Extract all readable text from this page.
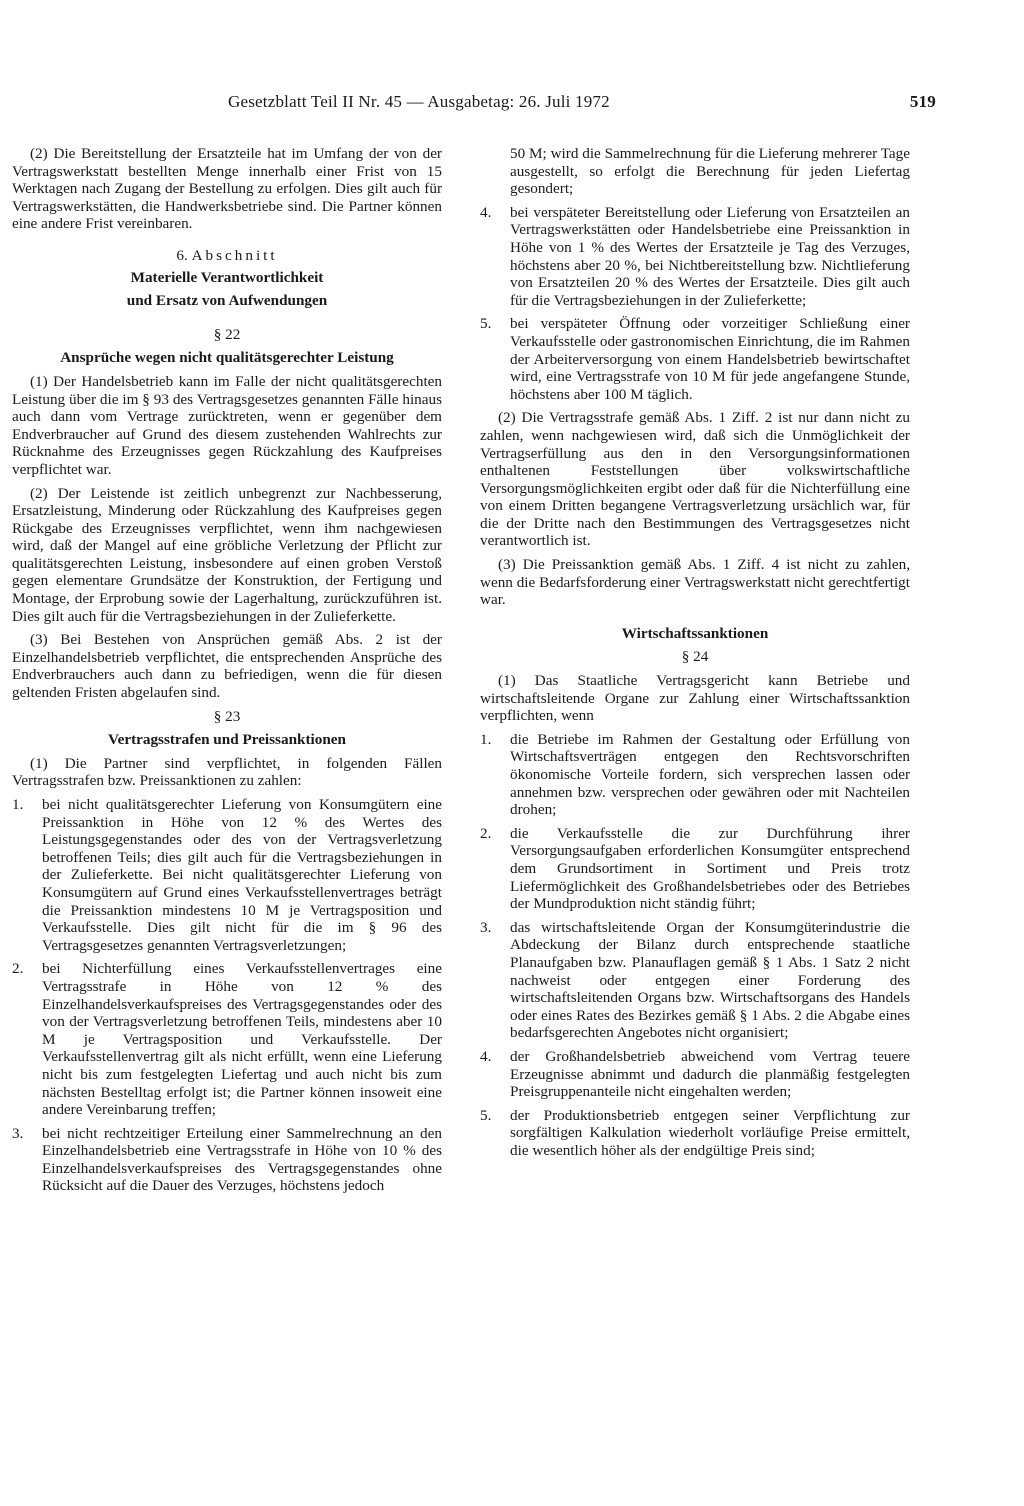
Gesetzblatt Teil II Nr. 45 — Ausgabetag: 26. Juli 1972	519

(2) Die Bereitstellung der Ersatzteile hat im Umfang der von der Vertragswerkstatt bestellten Menge innerhalb einer Frist von 15 Werktagen nach Zugang der Bestellung zu erfolgen. Dies gilt auch für Vertragswerkstätten, die Handwerksbetriebe sind. Die Partner können eine andere Frist vereinbaren.

6. Abschnitt

Materielle Verantwortlichkeit

und Ersatz von Aufwendungen

§ 22

Ansprüche wegen nicht qualitätsgerechter Leistung

(1) Der Handelsbetrieb kann im Falle der nicht qualitätsgerechten Leistung über die im § 93 des Vertragsgesetzes genannten Fälle hinaus auch dann vom Vertrage zurücktreten, wenn er gegenüber dem Endverbraucher auf Grund des diesem zustehenden Wahlrechts zur Rücknahme des Erzeugnisses gegen Rückzahlung des Kaufpreises verpflichtet war.

(2) Der Leistende ist zeitlich unbegrenzt zur Nachbesserung, Ersatzleistung, Minderung oder Rückzahlung des Kaufpreises gegen Rückgabe des Erzeugnisses verpflichtet, wenn ihm nachgewiesen wird, daß der Mangel auf eine gröbliche Verletzung der Pflicht zur qualitätsgerechten Leistung, insbesondere auf einen groben Verstoß gegen elementare Grundsätze der Konstruktion, der Fertigung und Montage, der Erprobung sowie der Lagerhaltung, zurückzuführen ist. Dies gilt auch für die Vertragsbeziehungen in der Zulieferkette.

(3) Bei Bestehen von Ansprüchen gemäß Abs. 2 ist der Einzelhandelsbetrieb verpflichtet, die entsprechenden Ansprüche des Endverbrauchers auch dann zu befriedigen, wenn die für diesen geltenden Fristen abgelaufen sind.

§ 23

Vertragsstrafen und Preissanktionen

(1) Die Partner sind verpflichtet, in folgenden Fällen Vertragsstrafen bzw. Preissanktionen zu zahlen:

1.	bei nicht qualitätsgerechter Lieferung von Konsumgütern eine Preissanktion in Höhe von 12 % des Wertes des Leistungsgegenstandes oder des von der Vertragsverletzung betroffenen Teils; dies gilt auch für die Vertragsbeziehungen in der Zulieferkette. Bei nicht qualitätsgerechter Lieferung von Konsumgütern auf Grund eines Verkaufsstellenvertrages beträgt die Preissanktion mindestens 10 M je Vertragsposition und Verkaufsstelle. Dies gilt nicht für die im § 96 des Vertragsgesetzes genannten Vertragsverletzungen;
2.	bei Nichterfüllung eines Verkaufsstellenvertrages eine Vertragsstrafe in Höhe von 12 % des Einzelhandelsverkaufspreises des Vertragsgegenstandes oder des von der Vertragsverletzung betroffenen Teils, mindestens aber 10 M je Vertragsposition und Verkaufsstelle. Der Verkaufsstellenvertrag gilt als nicht erfüllt, wenn eine Lieferung nicht bis zum festgelegten Liefertag und auch nicht bis zum nächsten Bestelltag erfolgt ist; die Partner können insoweit eine andere Vereinbarung treffen;
3.	bei nicht rechtzeitiger Erteilung einer Sammelrechnung an den Einzelhandelsbetrieb eine Vertragsstrafe in Höhe von 10 % des Einzelhandelsverkaufspreises des Vertragsgegenstandes ohne Rücksicht auf die Dauer des Verzuges, höchstens jedoch

50 M; wird die Sammelrechnung für die Lieferung mehrerer Tage ausgestellt, so erfolgt die Berechnung für jeden Liefertag gesondert;

4.	bei verspäteter Bereitstellung oder Lieferung von Ersatzteilen an Vertragswerkstätten oder Handelsbetriebe eine Preissanktion in Höhe von 1 % des Wertes der Ersatzteile je Tag des Verzuges, höchstens aber 20 %, bei Nichtbereitstellung bzw. Nichtlieferung von Ersatzteilen 20 % des Wertes der Ersatzteile. Dies gilt auch für die Vertragsbeziehungen in der Zulieferkette;
5.	bei verspäteter Öffnung oder vorzeitiger Schließung einer Verkaufsstelle oder gastronomischen Einrichtung, die im Rahmen der Arbeiterversorgung von einem Handelsbetrieb bewirtschaftet wird, eine Vertragsstrafe von 10 M für jede angefangene Stunde, höchstens aber 100 M täglich.

(2) Die Vertragsstrafe gemäß Abs. 1 Ziff. 2 ist nur dann nicht zu zahlen, wenn nachgewiesen wird, daß sich die Unmöglichkeit der Vertragserfüllung aus den in den Versorgungsinformationen enthaltenen Feststellungen über volkswirtschaftliche Versorgungsmöglichkeiten ergibt oder daß für die Nichterfüllung eine von einem Dritten begangene Vertragsverletzung ursächlich war, für die der Dritte nach den Bestimmungen des Vertragsgesetzes nicht verantwortlich ist.

(3) Die Preissanktion gemäß Abs. 1 Ziff. 4 ist nicht zu zahlen, wenn die Bedarfsforderung einer Vertragswerkstatt nicht gerechtfertigt war.

Wirtschaftssanktionen

§ 24

(1) Das Staatliche Vertragsgericht kann Betriebe und wirtschaftsleitende Organe zur Zahlung einer Wirtschaftssanktion verpflichten, wenn

1.	die Betriebe im Rahmen der Gestaltung oder Erfüllung von Wirtschaftsverträgen entgegen den Rechtsvorschriften ökonomische Vorteile fordern, sich versprechen lassen oder annehmen bzw. versprechen oder gewähren oder mit Nachteilen drohen;
2.	die Verkaufsstelle die zur Durchführung ihrer Versorgungsaufgaben erforderlichen Konsumgüter entsprechend dem Grundsortiment in Sortiment und Preis trotz Liefermöglichkeit des Großhandelsbetriebes oder des Betriebes der Mundproduktion nicht ständig führt;
3.	das wirtschaftsleitende Organ der Konsumgüterindustrie die Abdeckung der Bilanz durch entsprechende staatliche Planaufgaben bzw. Planauflagen gemäß § 1 Abs. 1 Satz 2 nicht nachweist oder entgegen einer Forderung des wirtschaftsleitenden Organs bzw. Wirtschaftsorgans des Handels oder eines Rates des Bezirkes gemäß § 1 Abs. 2 die Abgabe eines bedarfsgerechten Angebotes nicht organisiert;
4.	der Großhandelsbetrieb abweichend vom Vertrag teuere Erzeugnisse abnimmt und dadurch die planmäßig festgelegten Preisgruppenanteile nicht eingehalten werden;
5.	der Produktionsbetrieb entgegen seiner Verpflichtung zur sorgfältigen Kalkulation wiederholt vorläufige Preise ermittelt, die wesentlich höher als der endgültige Preis sind;
